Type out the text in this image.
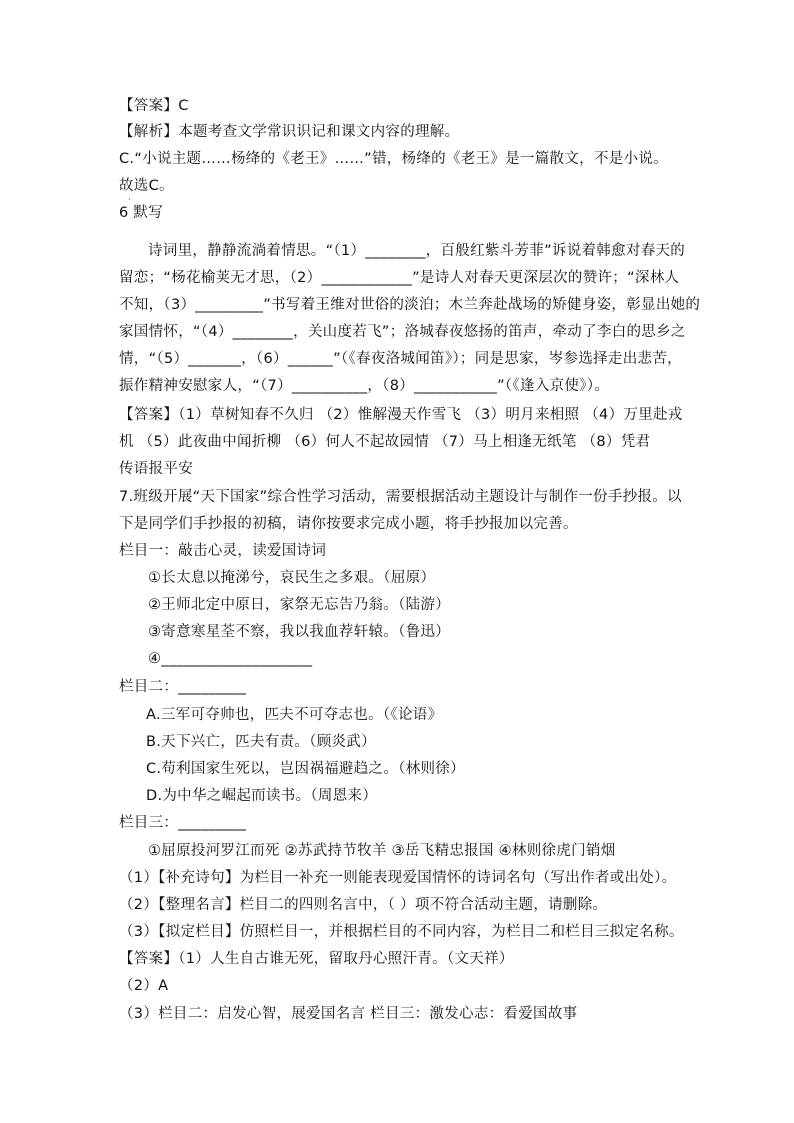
【答案】C
【解析】本题考查文学常识识记和课文内容的理解。
C.“小说主题……杨绛的《老王》……”错，杨绛的《老王》是一篇散文，不是小说。
故选C。
6 默写
·
诗词里，静静流淌着情思。“（1）________，百般红紫斗芳菲”诉说着韩愈对春天的
留恋；“杨花榆荚无才思，（2）____________”是诗人对春天更深层次的赞许；“深林人
不知，（3）_________”书写着王维对世俗的淡泊；木兰奔赴战场的矫健身姿，彰显出她的
家国情怀，“（4）________，关山度若飞”；洛城春夜悠扬的笛声，牵动了李白的思乡之
情，“（5）_______，（6）______”（《春夜洛城闻笛》）；同是思家，岑参选择走出悲苦，
振作精神安慰家人，“（7）__________，（8）___________”（《逢入京使》）。
【答案】（1）草树知春不久归 （2）惟解漫天作雪飞 （3）明月来相照 （4）万里赴戎
机 （5）此夜曲中闻折柳 （6）何人不起故园情 （7）马上相逢无纸笔 （8）凭君
传语报平安
7.班级开展“天下国家”综合性学习活动，需要根据活动主题设计与制作一份手抄报。以
下是同学们手抄报的初稿，请你按要求完成小题，将手抄报加以完善。
栏目一：敲击心灵，读爱国诗词
①长太息以掩涕兮，哀民生之多艰。（屈原）
②王师北定中原日，家祭无忘告乃翁。（陆游）
③寄意寒星荃不察，我以我血荐轩辕。（鲁迅）
④____________________
栏目二：_________
A.三军可夺帅也，匹夫不可夺志也。（《论语》
B.天下兴亡，匹夫有责。（顾炎武）
C.苟利国家生死以，岂因祸福避趋之。（林则徐）
D.为中华之崛起而读书。（周恩来）
栏目三：_________
①屈原投河罗江而死 ②苏武持节牧羊 ③岳飞精忠报国 ④林则徐虎门销烟
（1）【补充诗句】为栏目一补充一则能表现爱国情怀的诗词名句（写出作者或出处）。
（2）【整理名言】栏目二的四则名言中，（ ）项不符合活动主题，请删除。
（3）【拟定栏目】仿照栏目一，并根据栏目的不同内容，为栏目二和栏目三拟定名称。
【答案】（1）人生自古谁无死，留取丹心照汗青。（文天祥）
（2）A
（3）栏目二：启发心智，展爱国名言 栏目三：激发心志：看爱国故事
